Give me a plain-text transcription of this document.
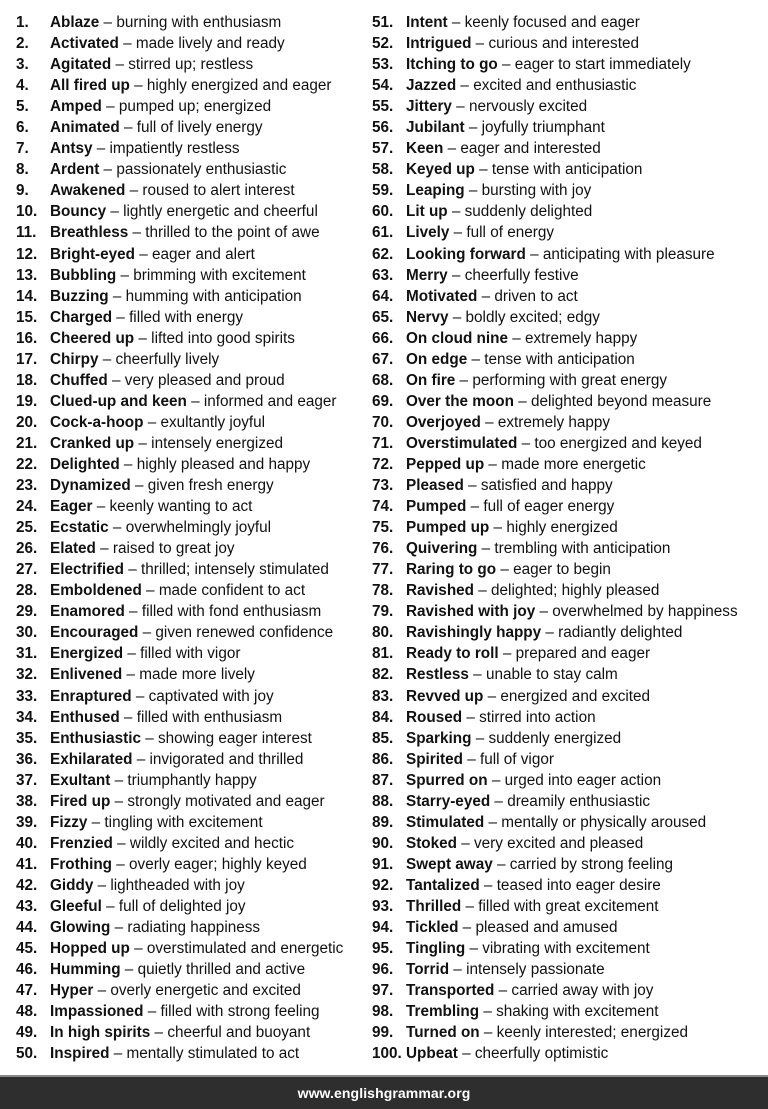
1. Ablaze – burning with enthusiasm
2. Activated – made lively and ready
3. Agitated – stirred up; restless
4. All fired up – highly energized and eager
5. Amped – pumped up; energized
6. Animated – full of lively energy
7. Antsy – impatiently restless
8. Ardent – passionately enthusiastic
9. Awakened – roused to alert interest
10. Bouncy – lightly energetic and cheerful
11. Breathless – thrilled to the point of awe
12. Bright-eyed – eager and alert
13. Bubbling – brimming with excitement
14. Buzzing – humming with anticipation
15. Charged – filled with energy
16. Cheered up – lifted into good spirits
17. Chirpy – cheerfully lively
18. Chuffed – very pleased and proud
19. Clued-up and keen – informed and eager
20. Cock-a-hoop – exultantly joyful
21. Cranked up – intensely energized
22. Delighted – highly pleased and happy
23. Dynamized – given fresh energy
24. Eager – keenly wanting to act
25. Ecstatic – overwhelmingly joyful
26. Elated – raised to great joy
27. Electrified – thrilled; intensely stimulated
28. Emboldened – made confident to act
29. Enamored – filled with fond enthusiasm
30. Encouraged – given renewed confidence
31. Energized – filled with vigor
32. Enlivened – made more lively
33. Enraptured – captivated with joy
34. Enthused – filled with enthusiasm
35. Enthusiastic – showing eager interest
36. Exhilarated – invigorated and thrilled
37. Exultant – triumphantly happy
38. Fired up – strongly motivated and eager
39. Fizzy – tingling with excitement
40. Frenzied – wildly excited and hectic
41. Frothing – overly eager; highly keyed
42. Giddy – lightheaded with joy
43. Gleeful – full of delighted joy
44. Glowing – radiating happiness
45. Hopped up – overstimulated and energetic
46. Humming – quietly thrilled and active
47. Hyper – overly energetic and excited
48. Impassioned – filled with strong feeling
49. In high spirits – cheerful and buoyant
50. Inspired – mentally stimulated to act
51. Intent – keenly focused and eager
52. Intrigued – curious and interested
53. Itching to go – eager to start immediately
54. Jazzed – excited and enthusiastic
55. Jittery – nervously excited
56. Jubilant – joyfully triumphant
57. Keen – eager and interested
58. Keyed up – tense with anticipation
59. Leaping – bursting with joy
60. Lit up – suddenly delighted
61. Lively – full of energy
62. Looking forward – anticipating with pleasure
63. Merry – cheerfully festive
64. Motivated – driven to act
65. Nervy – boldly excited; edgy
66. On cloud nine – extremely happy
67. On edge – tense with anticipation
68. On fire – performing with great energy
69. Over the moon – delighted beyond measure
70. Overjoyed – extremely happy
71. Overstimulated – too energized and keyed
72. Pepped up – made more energetic
73. Pleased – satisfied and happy
74. Pumped – full of eager energy
75. Pumped up – highly energized
76. Quivering – trembling with anticipation
77. Raring to go – eager to begin
78. Ravished – delighted; highly pleased
79. Ravished with joy – overwhelmed by happiness
80. Ravishingly happy – radiantly delighted
81. Ready to roll – prepared and eager
82. Restless – unable to stay calm
83. Revved up – energized and excited
84. Roused – stirred into action
85. Sparking – suddenly energized
86. Spirited – full of vigor
87. Spurred on – urged into eager action
88. Starry-eyed – dreamily enthusiastic
89. Stimulated – mentally or physically aroused
90. Stoked – very excited and pleased
91. Swept away – carried by strong feeling
92. Tantalized – teased into eager desire
93. Thrilled – filled with great excitement
94. Tickled – pleased and amused
95. Tingling – vibrating with excitement
96. Torrid – intensely passionate
97. Transported – carried away with joy
98. Trembling – shaking with excitement
99. Turned on – keenly interested; energized
100. Upbeat – cheerfully optimistic
www.englishgrammar.org
